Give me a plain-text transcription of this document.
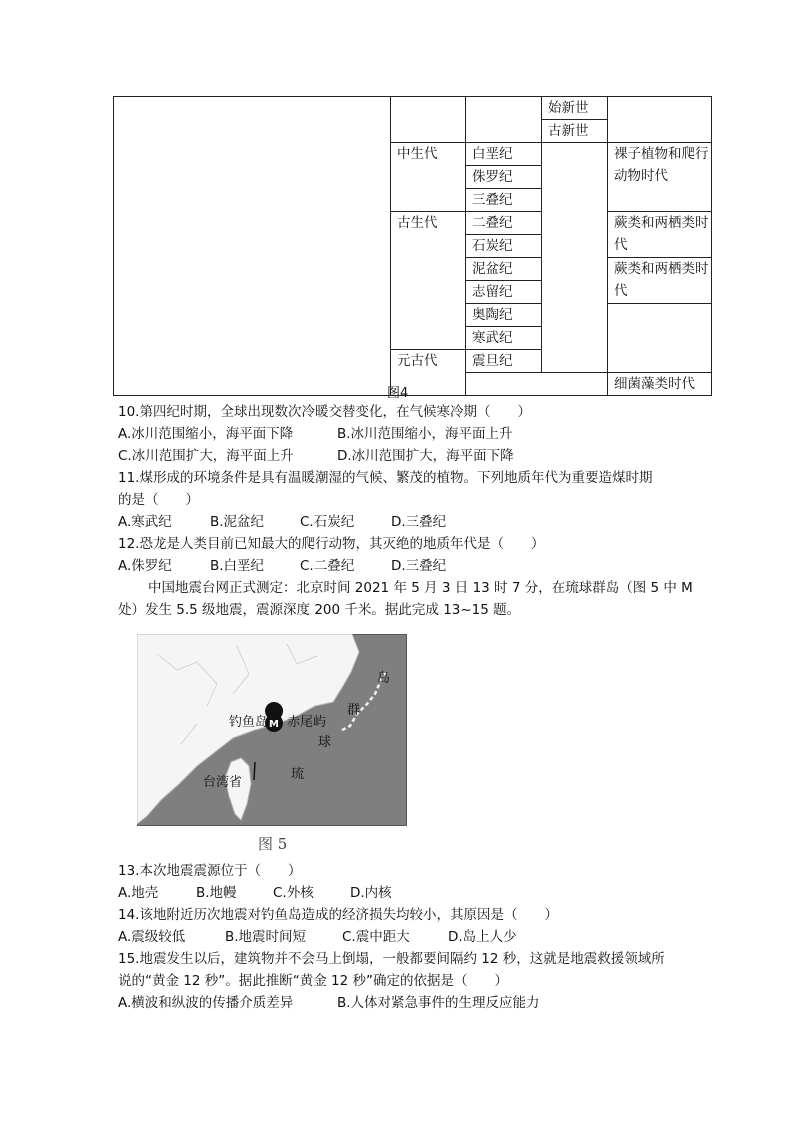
			始新世	
			古新世	
	中生代	白垩纪		裸子植物和爬行动物时代
		侏罗纪		
		三叠纪		
	古生代	二叠纪		蕨类和两栖类时代
		石炭纪		
		泥盆纪		蕨类和两栖类时代
		志留纪		
		奥陶纪		
		寒武纪		
	元古代	震旦纪		
				细菌藻类时代
图4
10.第四纪时期，全球出现数次冷暖交替变化，在气候寒冷期（　　）
A.冰川范围缩小，海平面下降	B.冰川范围缩小，海平面上升
C.冰川范围扩大，海平面上升	D.冰川范围扩大，海平面下降
11.煤形成的环境条件是具有温暖潮湿的气候、繁茂的植物。下列地质年代为重要造煤时期
的是（　　）
A.寒武纪	B.泥盆纪	C.石炭纪	D.三叠纪
12.恐龙是人类目前已知最大的爬行动物，其灭绝的地质年代是（　　）
A.侏罗纪	B.白垩纪	C.二叠纪	D.三叠纪
中国地震台网正式测定：北京时间 2021 年 5 月 3 日 13 时 7 分，在琉球群岛（图 5 中 M
处）发生 5.5 级地震，震源深度 200 千米。据此完成 13~15 题。
M
钓鱼岛 赤尾屿
台湾省
岛
群
球
琉
图 5
13.本次地震震源位于（　　）
A.地壳	B.地幔	C.外核	D.内核
14.该地附近历次地震对钓鱼岛造成的经济损失均较小，其原因是（　　）
A.震级较低	B.地震时间短	C.震中距大	D.岛上人少
15.地震发生以后，建筑物并不会马上倒塌，一般都要间隔约 12 秒，这就是地震救援领域所
说的“黄金 12 秒”。据此推断“黄金 12 秒”确定的依据是（　　）
A.横波和纵波的传播介质差异	B.人体对紧急事件的生理反应能力
